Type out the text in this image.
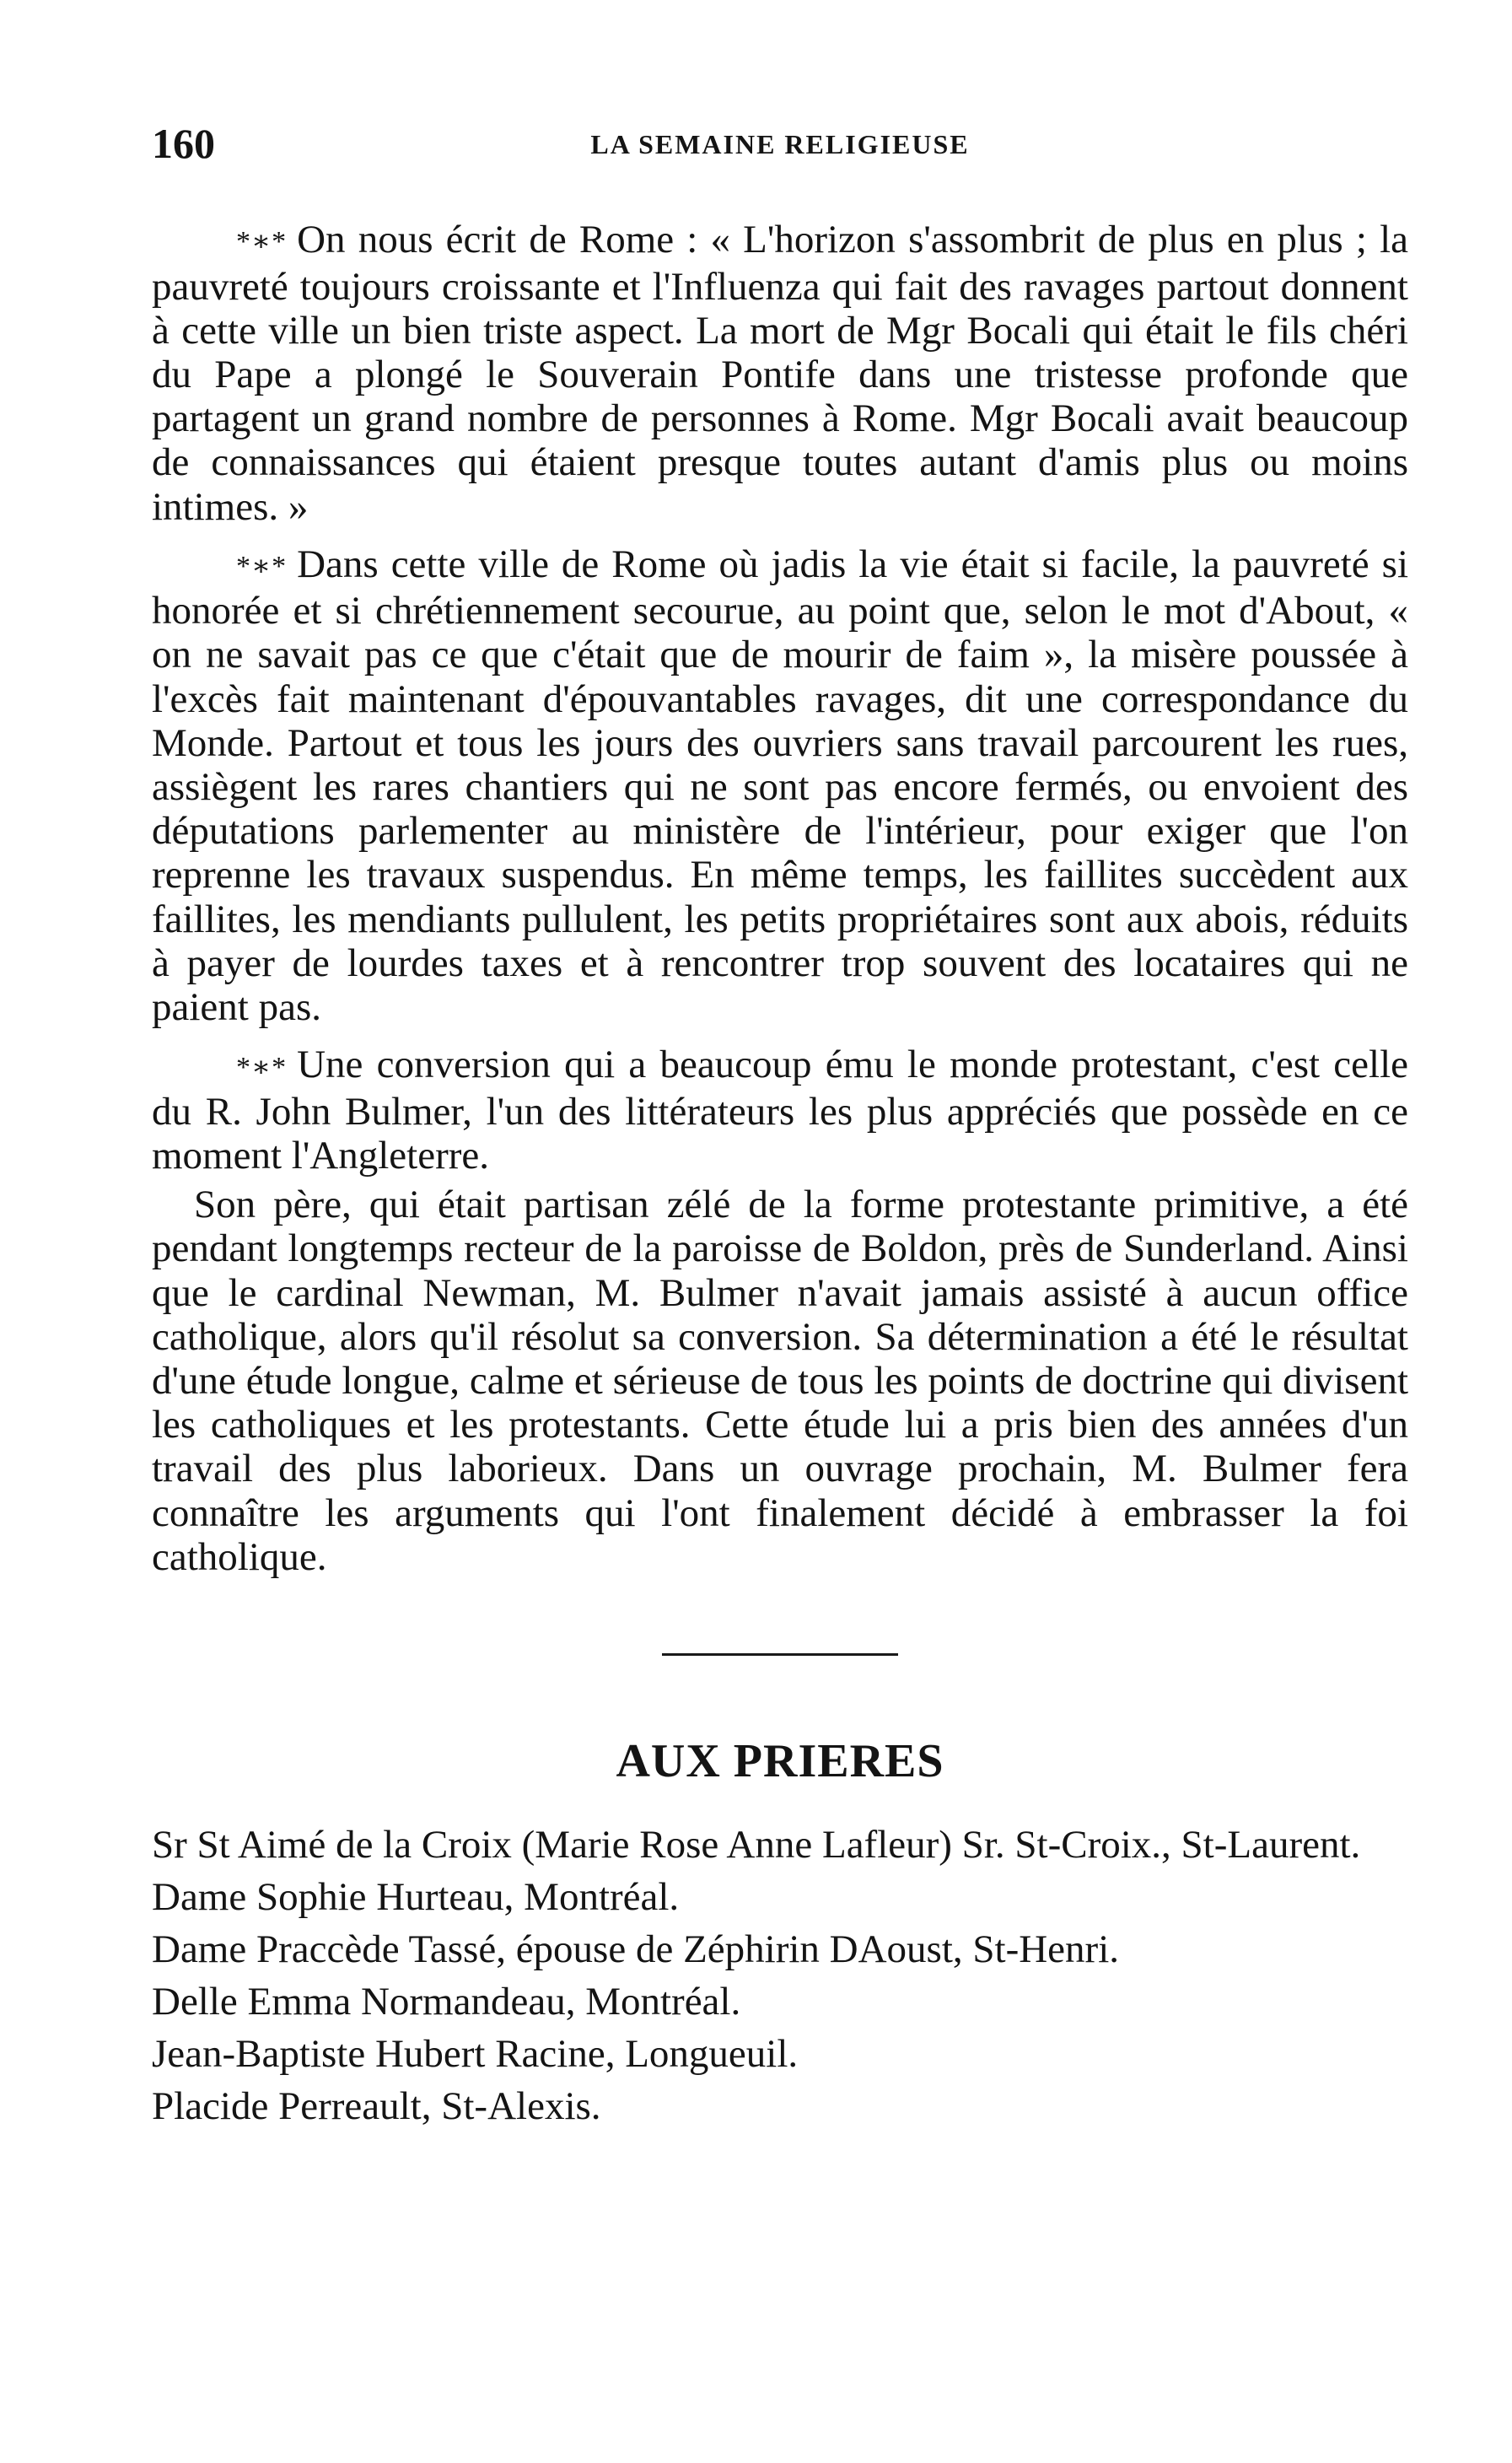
160	LA SEMAINE RELIGIEUSE

*∗* On nous écrit de Rome : « L'horizon s'assombrit de plus en plus ; la pauvreté toujours croissante et l'Influenza qui fait des ravages partout donnent à cette ville un bien triste aspect. La mort de Mgr Bocali qui était le fils chéri du Pape a plongé le Souverain Pontife dans une tristesse profonde que partagent un grand nombre de personnes à Rome. Mgr Bocali avait beaucoup de connaissances qui étaient presque toutes autant d'amis plus ou moins intimes. »

*∗* Dans cette ville de Rome où jadis la vie était si facile, la pauvreté si honorée et si chrétiennement secourue, au point que, selon le mot d'About, « on ne savait pas ce que c'était que de mourir de faim », la misère poussée à l'excès fait maintenant d'épouvantables ravages, dit une correspondance du Monde. Partout et tous les jours des ouvriers sans travail parcourent les rues, assiègent les rares chantiers qui ne sont pas encore fermés, ou envoient des députations parlementer au ministère de l'intérieur, pour exiger que l'on reprenne les travaux suspendus. En même temps, les faillites succèdent aux faillites, les mendiants pullulent, les petits propriétaires sont aux abois, réduits à payer de lourdes taxes et à rencontrer trop souvent des locataires qui ne paient pas.

*∗* Une conversion qui a beaucoup ému le monde protestant, c'est celle du R. John Bulmer, l'un des littérateurs les plus appréciés que possède en ce moment l'Angleterre.

Son père, qui était partisan zélé de la forme protestante primitive, a été pendant longtemps recteur de la paroisse de Boldon, près de Sunderland. Ainsi que le cardinal Newman, M. Bulmer n'avait jamais assisté à aucun office catholique, alors qu'il résolut sa conversion. Sa détermination a été le résultat d'une étude longue, calme et sérieuse de tous les points de doctrine qui divisent les catholiques et les protestants. Cette étude lui a pris bien des années d'un travail des plus laborieux. Dans un ouvrage prochain, M. Bulmer fera connaître les arguments qui l'ont finalement décidé à embrasser la foi catholique.

AUX PRIERES

Sr St Aimé de la Croix (Marie Rose Anne Lafleur) Sr. St-Croix., St-Laurent.

Dame Sophie Hurteau, Montréal.

Dame Praccède Tassé, épouse de Zéphirin DAoust, St-Henri.

Delle Emma Normandeau, Montréal.

Jean-Baptiste Hubert Racine, Longueuil.

Placide Perreault, St-Alexis.
